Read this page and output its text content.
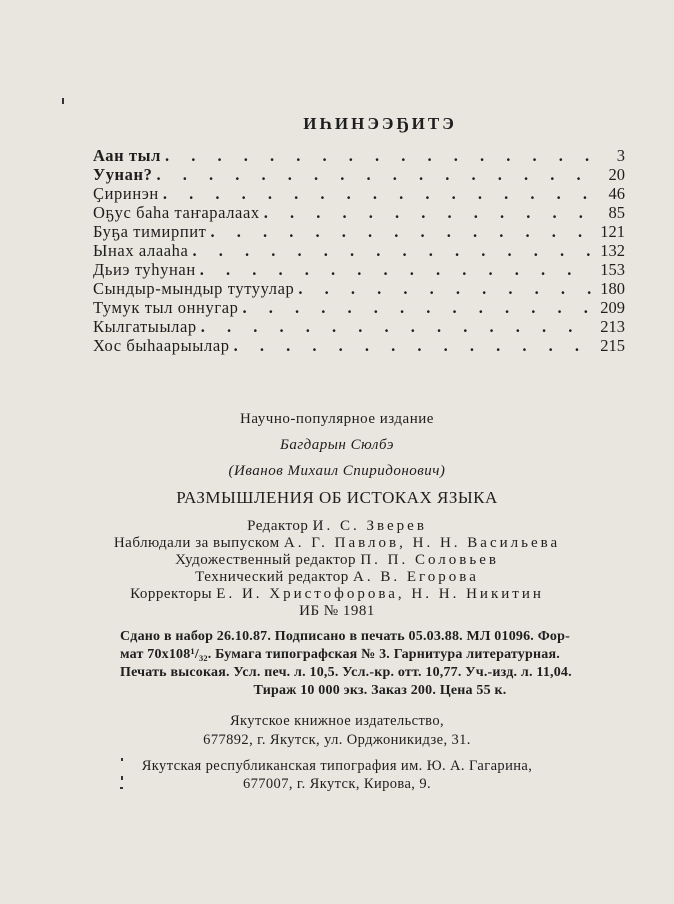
ИҺИНЭЭҔИТЭ
Аан тыл . . .	3
Уунан? . . .	20
Ҫиринэн . . .	46
Оҕус баһа таҥаралаах . . .	85
Буҕа тимирпит . . .	121
Ынах алааһа . . .	132
Дьиэ туһунан . . .	153
Сындыр-мындыр тутуулар . . .	180
Тумук тыл оннугар . . .	209
Кылгатыылар . . .	213
Хос быһаарыылар . . .	215
Научно-популярное издание
Багдарын Сюлбэ
(Иванов Михаил Спиридонович)
РАЗМЫШЛЕНИЯ ОБ ИСТОКАХ ЯЗЫКА
Редактор И. С. Зверев
Наблюдали за выпуском А. Г. Павлов, Н. Н. Васильева
Художественный редактор П. П. Соловьев
Технический редактор А. В. Егорова
Корректоры Е. И. Христофорова, Н. Н. Никитин
ИБ № 1981
Сдано в набор 26.10.87. Подписано в печать 05.03.88. МЛ 01096. Фор-
мат 70x108¹/₃₂. Бумага типографская № 3. Гарнитура литературная.
Печать высокая. Усл. печ. л. 10,5. Усл.-кр. отт. 10,77. Уч.-изд. л. 11,04.
Тираж 10 000 экз. Заказ 200. Цена 55 к.
Якутское книжное издательство,
677892, г. Якутск, ул. Орджоникидзе, 31.
Якутская республиканская типография им. Ю. А. Гагарина,
677007, г. Якутск, Кирова, 9.
